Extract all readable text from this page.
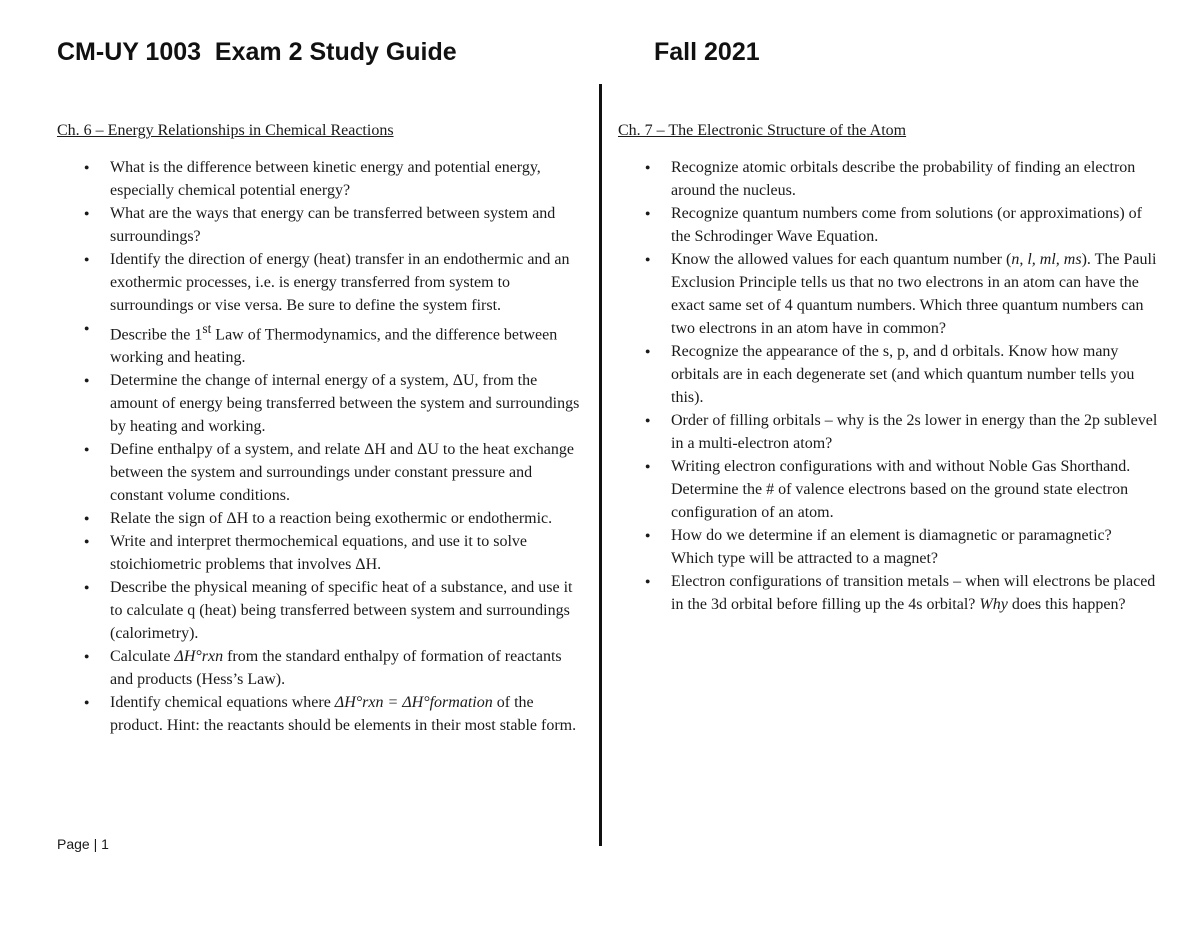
CM-UY 1003  Exam 2 Study Guide	Fall 2021

Ch. 6 – Energy Relationships in Chemical Reactions

● What is the difference between kinetic energy and potential energy, especially chemical potential energy?
● What are the ways that energy can be transferred between system and surroundings?
● Identify the direction of energy (heat) transfer in an endothermic and an exothermic processes, i.e. is energy transferred from system to surroundings or vise versa. Be sure to define the system first.
● Describe the 1st Law of Thermodynamics, and the difference between working and heating.
● Determine the change of internal energy of a system, ΔU, from the amount of energy being transferred between the system and surroundings by heating and working.
● Define enthalpy of a system, and relate ΔH and ΔU to the heat exchange between the system and surroundings under constant pressure and constant volume conditions.
● Relate the sign of ΔH to a reaction being exothermic or endothermic.
● Write and interpret thermochemical equations, and use it to solve stoichiometric problems that involves ΔH.
● Describe the physical meaning of specific heat of a substance, and use it to calculate q (heat) being transferred between system and surroundings (calorimetry).
● Calculate ΔH°rxn from the standard enthalpy of formation of reactants and products (Hess’s Law).
● Identify chemical equations where ΔH°rxn = ΔH°formation of the product. Hint: the reactants should be elements in their most stable form.

Ch. 7 – The Electronic Structure of the Atom

● Recognize atomic orbitals describe the probability of finding an electron around the nucleus.
● Recognize quantum numbers come from solutions (or approximations) of the Schrodinger Wave Equation.
● Know the allowed values for each quantum number (n, l, ml, ms). The Pauli Exclusion Principle tells us that no two electrons in an atom can have the exact same set of 4 quantum numbers. Which three quantum numbers can two electrons in an atom have in common?
● Recognize the appearance of the s, p, and d orbitals. Know how many orbitals are in each degenerate set (and which quantum number tells you this).
● Order of filling orbitals – why is the 2s lower in energy than the 2p sublevel in a multi-electron atom?
● Writing electron configurations with and without Noble Gas Shorthand. Determine the # of valence electrons based on the ground state electron configuration of an atom.
● How do we determine if an element is diamagnetic or paramagnetic? Which type will be attracted to a magnet?
● Electron configurations of transition metals – when will electrons be placed in the 3d orbital before filling up the 4s orbital? Why does this happen?
Page | 1
